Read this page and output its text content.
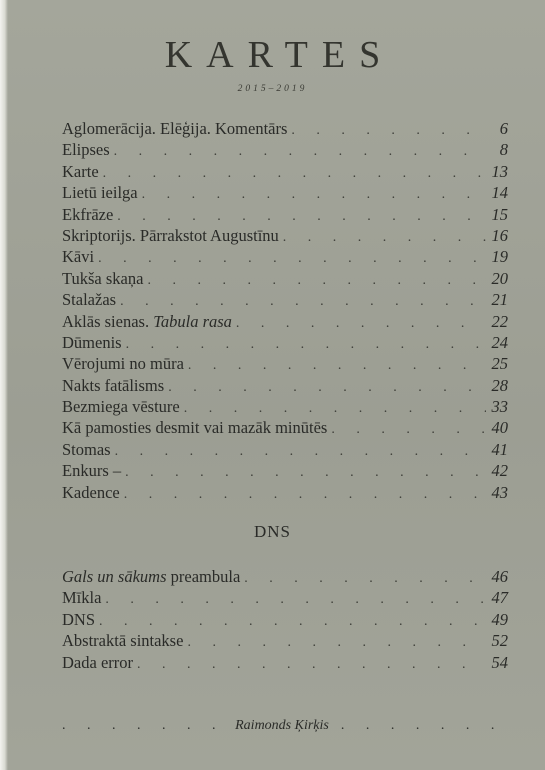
KARTES
2015–2019
Aglomerācija. Elēģija. Komentārs . . .	6
Elipses . . .	8
Karte . . .	13
Lietū ieilga . . .	14
Ekfrāze . . .	15
Skriptorijs. Pārrakstot Augustīnu . . .	16
Kāvi . . .	19
Tukša skaņa . . .	20
Stalažas . . .	21
Aklās sienas. Tabula rasa . . .	22
Dūmenis . . .	24
Vērojumi no mūra . . .	25
Nakts fatālisms . . .	28
Bezmiega vēsture . . .	33
Kā pamosties desmit vai mazāk minūtēs . . .	40
Stomas . . .	41
Enkurs – . . .	42
Kadence . . .	43
DNS
Gals un sākums preambula . . .	46
Mīkla . . .	47
DNS . . .	49
Abstraktā sintakse . . .	52
Dada error . . .	54
. . .
Raimonds Ķirķis
. . .
